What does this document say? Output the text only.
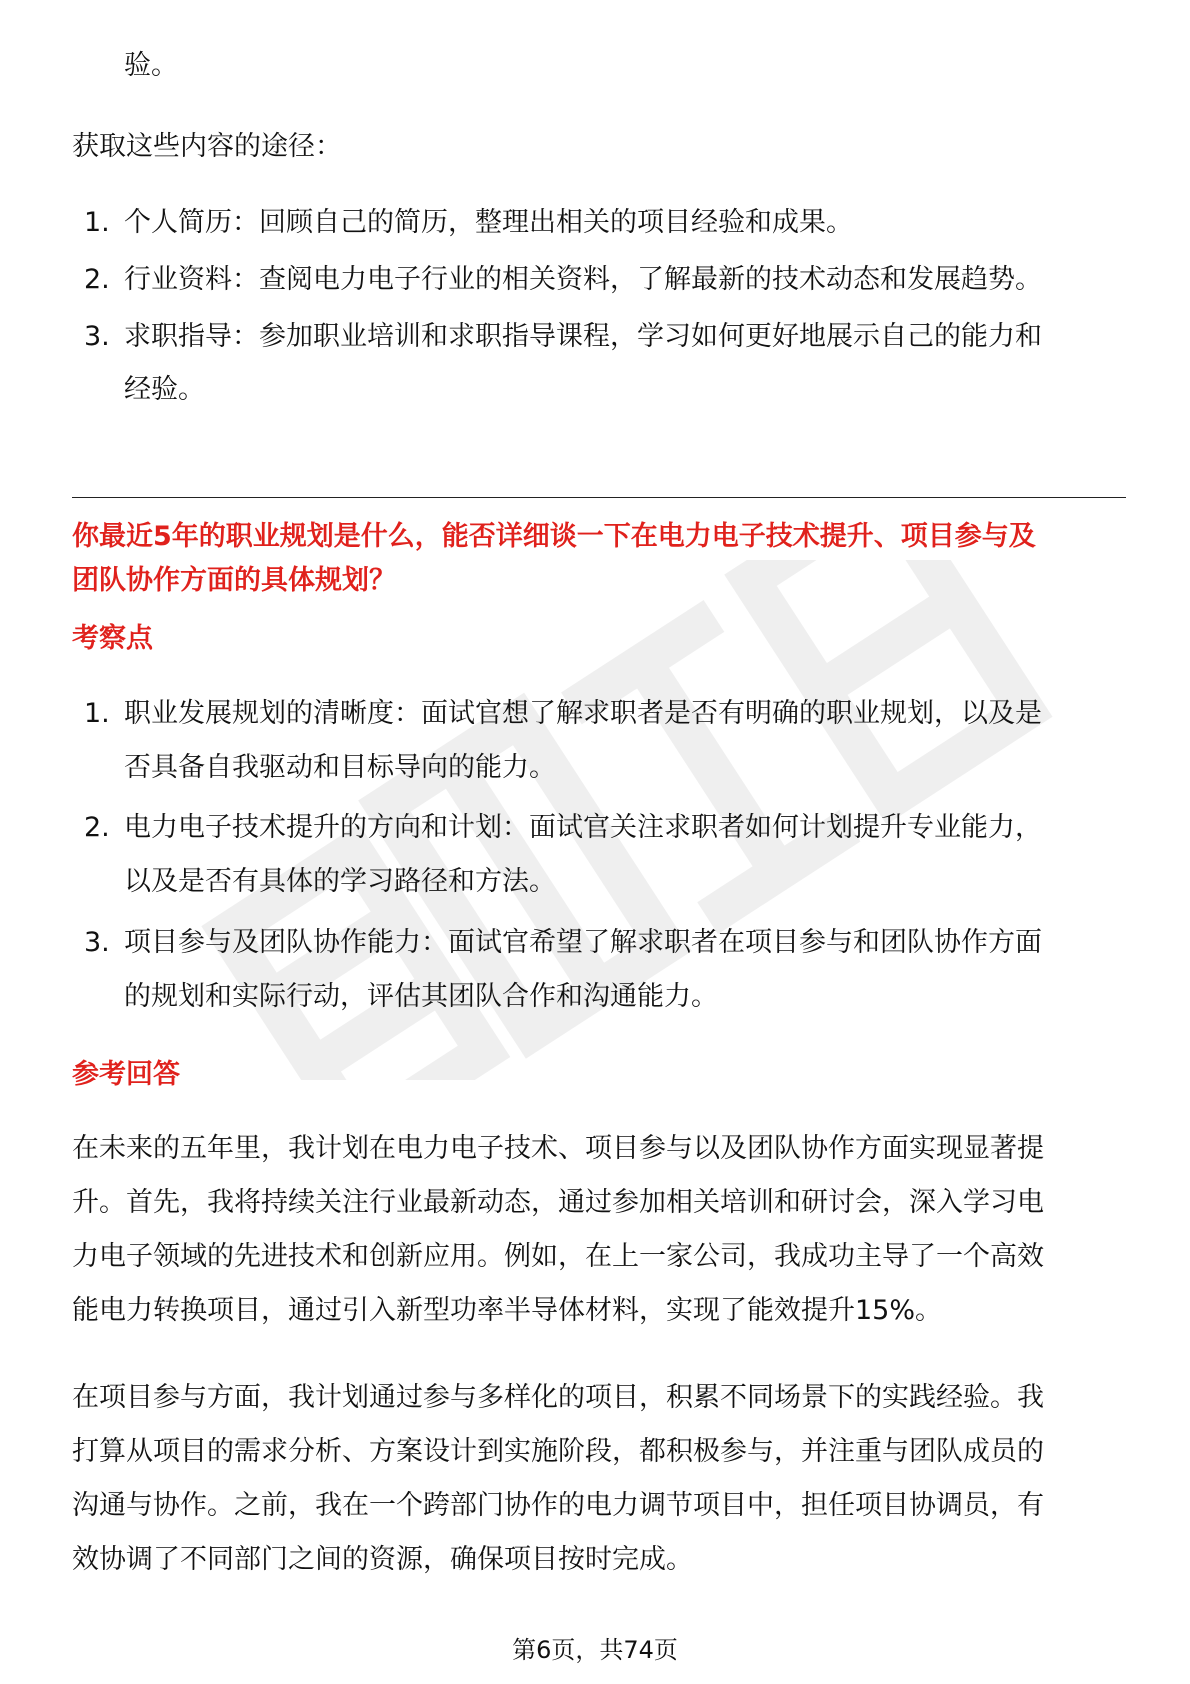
验。
获取这些内容的途径：
1. 个人简历：回顾自己的简历，整理出相关的项目经验和成果。
2. 行业资料：查阅电力电子行业的相关资料，了解最新的技术动态和发展趋势。
3. 求职指导：参加职业培训和求职指导课程，学习如何更好地展示自己的能力和
经验。
你最近5年的职业规划是什么，能否详细谈一下在电力电子技术提升、项目参与及
团队协作方面的具体规划？
考察点
1. 职业发展规划的清晰度：面试官想了解求职者是否有明确的职业规划，以及是
否具备自我驱动和目标导向的能力。
2. 电力电子技术提升的方向和计划：面试官关注求职者如何计划提升专业能力，
以及是否有具体的学习路径和方法。
3. 项目参与及团队协作能力：面试官希望了解求职者在项目参与和团队协作方面
的规划和实际行动，评估其团队合作和沟通能力。
参考回答
在未来的五年里，我计划在电力电子技术、项目参与以及团队协作方面实现显著提
升。首先，我将持续关注行业最新动态，通过参加相关培训和研讨会，深入学习电
力电子领域的先进技术和创新应用。例如，在上一家公司，我成功主导了一个高效
能电力转换项目，通过引入新型功率半导体材料，实现了能效提升15%。
在项目参与方面，我计划通过参与多样化的项目，积累不同场景下的实践经验。我
打算从项目的需求分析、方案设计到实施阶段，都积极参与，并注重与团队成员的
沟通与协作。之前，我在一个跨部门协作的电力调节项目中，担任项目协调员，有
效协调了不同部门之间的资源，确保项目按时完成。
第6页，共74页
